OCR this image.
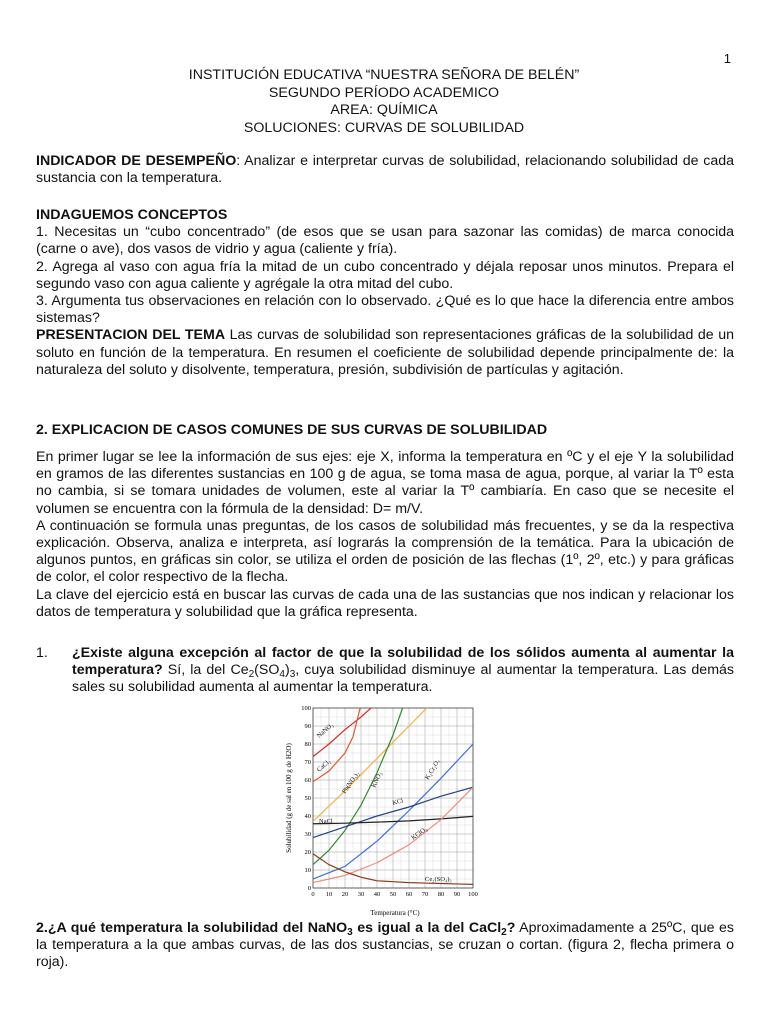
1
INSTITUCIÓN EDUCATIVA “NUESTRA SEÑORA DE BELÉN”
SEGUNDO PERÍODO ACADEMICO
AREA: QUÍMICA
SOLUCIONES: CURVAS DE SOLUBILIDAD
INDICADOR DE DESEMPEÑO: Analizar e interpretar curvas de solubilidad, relacionando solubilidad de cada sustancia con la temperatura.
INDAGUEMOS CONCEPTOS
1. Necesitas un “cubo concentrado” (de esos que se usan para sazonar las comidas) de marca conocida (carne o ave), dos vasos de vidrio y agua (caliente y fría).
2. Agrega al vaso con agua fría la mitad de un cubo concentrado y déjala reposar unos minutos. Prepara el segundo vaso con agua caliente y agrégale la otra mitad del cubo.
3. Argumenta tus observaciones en relación con lo observado. ¿Qué es lo que hace la diferencia entre ambos sistemas?
PRESENTACION DEL TEMA Las curvas de solubilidad son representaciones gráficas de la solubilidad de un soluto en función de la temperatura. En resumen el coeficiente de solubilidad depende principalmente de: la naturaleza del soluto y disolvente, temperatura, presión, subdivisión de partículas y agitación.
2. EXPLICACION DE CASOS COMUNES DE SUS CURVAS DE SOLUBILIDAD
En primer lugar se lee la información de sus ejes: eje X, informa la temperatura en ºC y el eje Y la solubilidad en gramos de las diferentes sustancias en 100 g de agua, se toma masa de agua, porque, al variar la Tº esta no cambia, si se tomara unidades de volumen, este al variar la Tº cambiaría. En caso que se necesite el volumen se encuentra con la fórmula de la densidad: D= m/V.
A continuación se formula unas preguntas, de los casos de solubilidad más frecuentes, y se da la respectiva explicación. Observa, analiza e interpreta, así lograrás la comprensión de la temática. Para la ubicación de algunos puntos, en gráficas sin color, se utiliza el orden de posición de las flechas (1º, 2º, etc.) y para gráficas de color, el color respectivo de la flecha.
La clave del ejercicio está en buscar las curvas de cada una de las sustancias que nos indican y relacionar los datos de temperatura y solubilidad que la gráfica representa.
1. ¿Existe alguna excepción al factor de que la solubilidad de los sólidos aumenta al aumentar la temperatura? Sí, la del $Ce_2(SO_4)_3$, cuya solubilidad disminuye al aumentar la temperatura. Las demás sales su solubilidad aumenta al aumentar la temperatura.
0 10 20 30 40 50 60 70 80 90 100
0
10
20
30
40
50
60
70
80
90
100
NaNO₃
CaCl₂
Pb(NO₃)₂ KNO₃	K₂Cr₂O₇
KCl
NaCl
KClO₃
Ce₂(SO₄)₃
Temperatura (°C)
Solubilidad (g de sal en 100 g de H2O)
2.¿A qué temperatura la solubilidad del NaNO$_3$ es igual a la del CaCl$_2$? Aproximadamente a 25ºC, que es la temperatura a la que ambas curvas, de las dos sustancias, se cruzan o cortan. (figura 2, flecha primera o roja).
